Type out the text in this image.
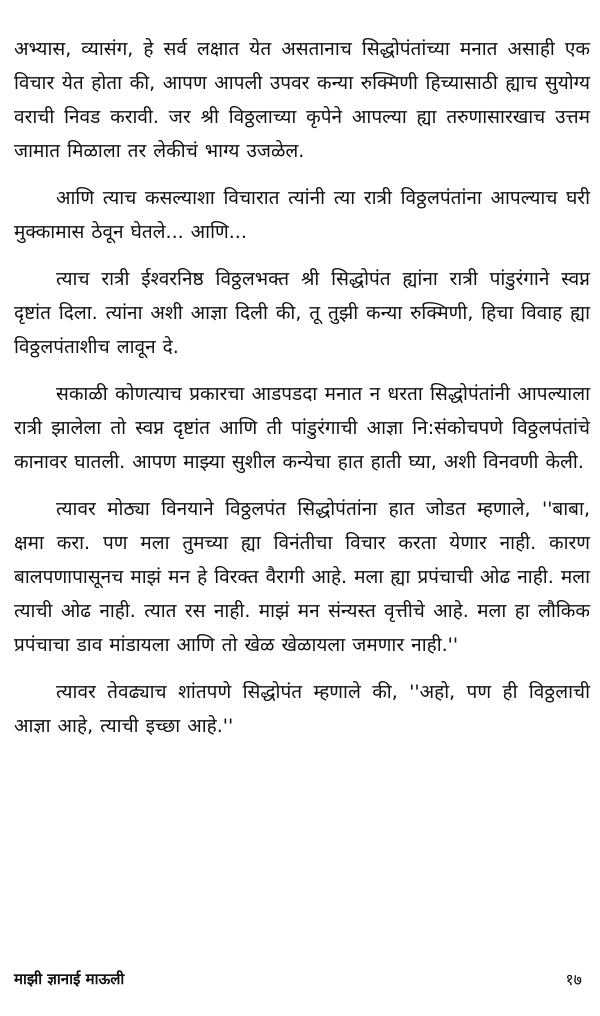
अभ्यास, व्यासंग, हे सर्व लक्षात येत असतानाच सिद्धोपंतांच्या मनात असाही एक विचार येत होता की, आपण आपली उपवर कन्या रुक्मिणी हिच्यासाठी ह्याच सुयोग्य वराची निवड करावी. जर श्री विठ्ठलाच्या कृपेने आपल्या ह्या तरुणासारखाच उत्तम जामात मिळाला तर लेकीचं भाग्य उजळेल.

आणि त्याच कसल्याशा विचारात त्यांनी त्या रात्री विठ्ठलपंतांना आपल्याच घरी मुक्कामास ठेवून घेतले... आणि...

त्याच रात्री ईश्वरनिष्ठ विठ्ठलभक्त श्री सिद्धोपंत ह्यांना रात्री पांडुरंगाने स्वप्न दृष्टांत दिला. त्यांना अशी आज्ञा दिली की, तू तुझी कन्या रुक्मिणी, हिचा विवाह ह्या विठ्ठलपंताशीच लावून दे.

सकाळी कोणत्याच प्रकारचा आडपडदा मनात न धरता सिद्धोपंतांनी आपल्याला रात्री झालेला तो स्वप्न दृष्टांत आणि ती पांडुरंगाची आज्ञा नि:संकोचपणे विठ्ठलपंतांचे कानावर घातली. आपण माझ्या सुशील कन्येचा हात हाती घ्या, अशी विनवणी केली.

त्यावर मोठ्या विनयाने विठ्ठलपंत सिद्धोपंतांना हात जोडत म्हणाले, ''बाबा, क्षमा करा. पण मला तुमच्या ह्या विनंतीचा विचार करता येणार नाही. कारण बालपणापासूनच माझं मन हे विरक्त वैरागी आहे. मला ह्या प्रपंचाची ओढ नाही. मला त्याची ओढ नाही. त्यात रस नाही. माझं मन संन्यस्त वृत्तीचे आहे. मला हा लौकिक प्रपंचाचा डाव मांडायला आणि तो खेळ खेळायला जमणार नाही.''

त्यावर तेवढ्याच शांतपणे सिद्धोपंत म्हणाले की, ''अहो, पण ही विठ्ठलाची आज्ञा आहे, त्याची इच्छा आहे.''

माझी ज्ञानाई माऊली	१७
